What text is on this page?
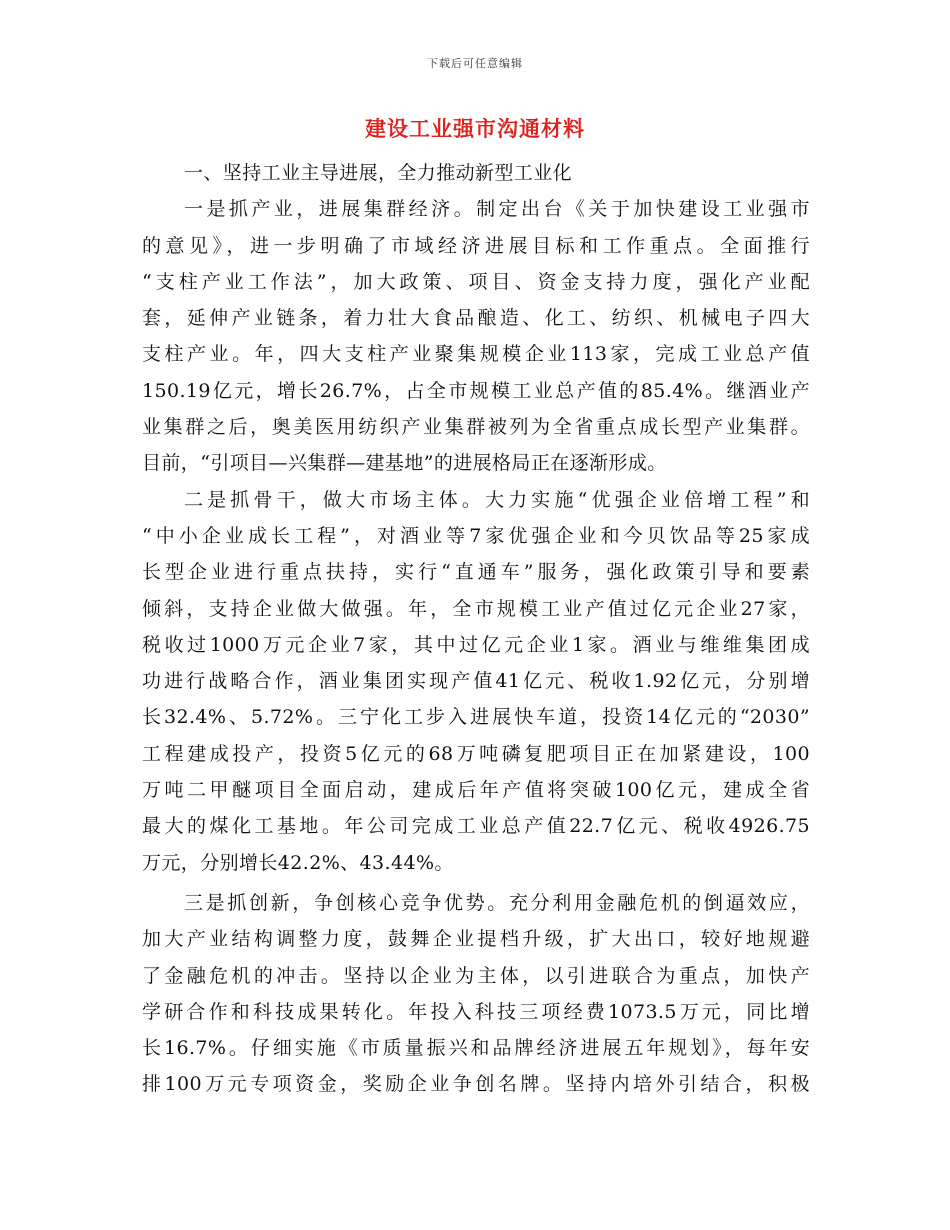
下载后可任意编辑
建设工业强市沟通材料
一、坚持工业主导进展，全力推动新型工业化
一是抓产业，进展集群经济。制定出台《关于加快建设工业强市
的意见》，进一步明确了市域经济进展目标和工作重点。全面推行
“支柱产业工作法”，加大政策、项目、资金支持力度，强化产业配
套，延伸产业链条，着力壮大食品酿造、化工、纺织、机械电子四大
支柱产业。年，四大支柱产业聚集规模企业113家，完成工业总产值
150.19亿元，增长26.7%，占全市规模工业总产值的85.4%。继酒业产
业集群之后，奥美医用纺织产业集群被列为全省重点成长型产业集群。
目前，“引项目—兴集群—建基地”的进展格局正在逐渐形成。
二是抓骨干，做大市场主体。大力实施“优强企业倍增工程”和
“中小企业成长工程”，对酒业等7家优强企业和今贝饮品等25家成
长型企业进行重点扶持，实行“直通车”服务，强化政策引导和要素
倾斜，支持企业做大做强。年，全市规模工业产值过亿元企业27家，
税收过1000万元企业7家，其中过亿元企业1家。酒业与维维集团成
功进行战略合作，酒业集团实现产值41亿元、税收1.92亿元，分别增
长32.4%、5.72%。三宁化工步入进展快车道，投资14亿元的“2030”
工程建成投产，投资5亿元的68万吨磷复肥项目正在加紧建设，100
万吨二甲醚项目全面启动，建成后年产值将突破100亿元，建成全省
最大的煤化工基地。年公司完成工业总产值22.7亿元、税收4926.75
万元，分别增长42.2%、43.44%。
三是抓创新，争创核心竞争优势。充分利用金融危机的倒逼效应，
加大产业结构调整力度，鼓舞企业提档升级，扩大出口，较好地规避
了金融危机的冲击。坚持以企业为主体，以引进联合为重点，加快产
学研合作和科技成果转化。年投入科技三项经费1073.5万元，同比增
长16.7%。仔细实施《市质量振兴和品牌经济进展五年规划》，每年安
排100万元专项资金，奖励企业争创名牌。坚持内培外引结合，积极
